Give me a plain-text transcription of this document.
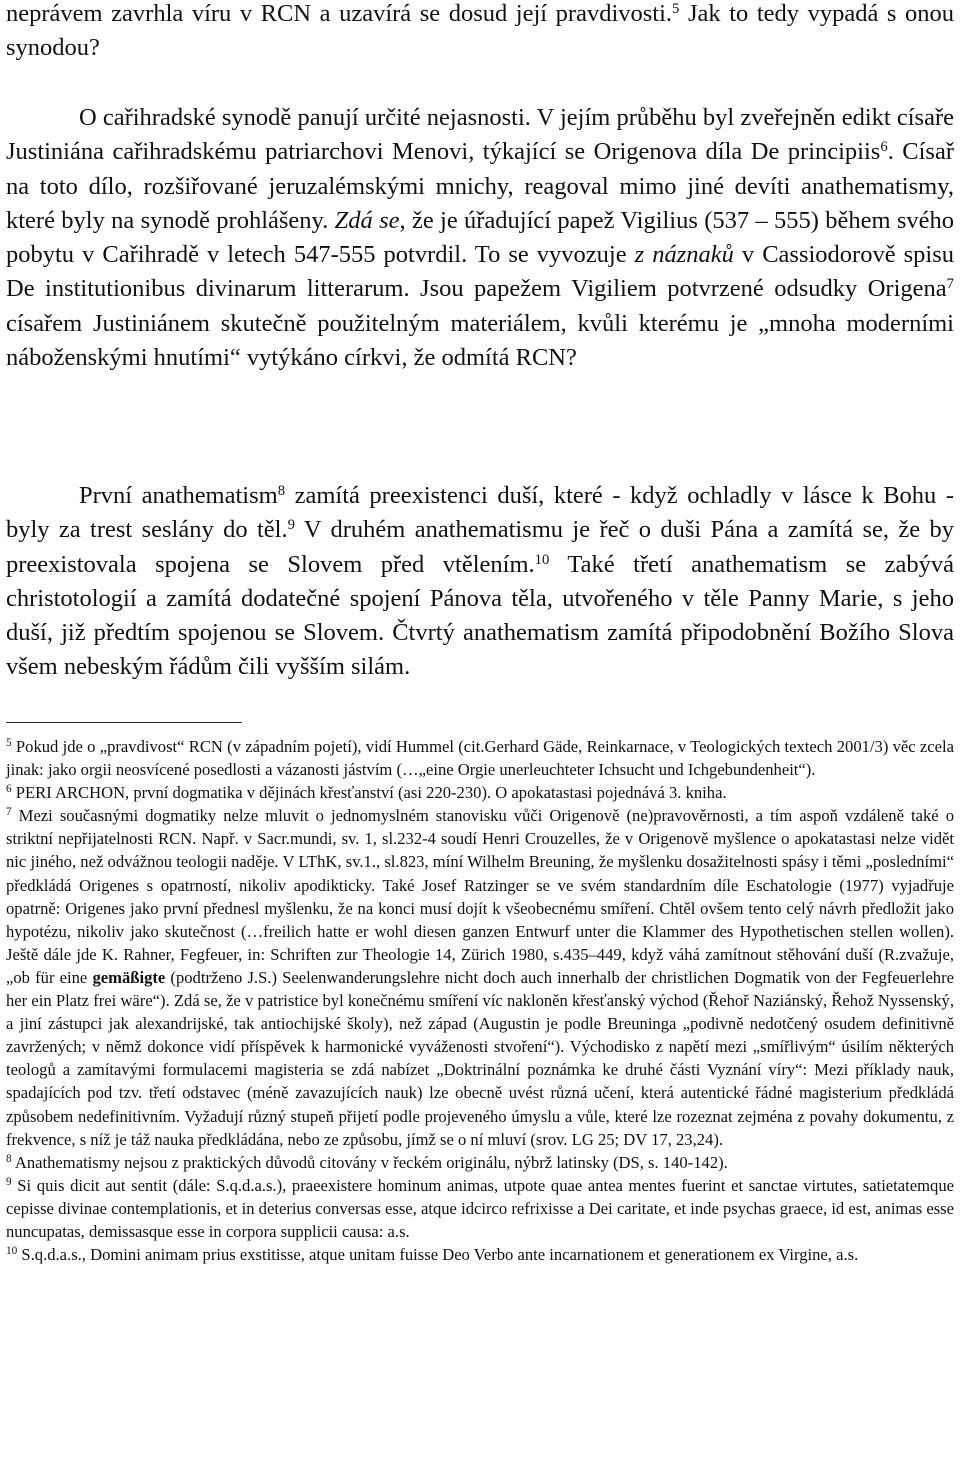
neprávem zavrhla víru v RCN a uzavírá se dosud její pravdivosti.$^5$ Jak to tedy vypadá s onou synodou?

O cařihradské synodě panují určité nejasnosti. V jejím průběhu byl zveřejněn edikt císaře Justiniána cařihradskému patriarchovi Menovi, týkající se Origenova díla De principiis$^6$. Císař na toto dílo, rozšiřované jeruzalémskými mnichy, reagoval mimo jiné devíti anathematismy, které byly na synodě prohlášeny. Zdá se, že je úřadující papež Vigilius (537 – 555) během svého pobytu v Cařihradě v letech 547-555 potvrdil. To se vyvozuje z náznaků v Cassiodorově spisu De institutionibus divinarum litterarum. Jsou papežem Vigiliem potvrzené odsudky Origena$^7$ císařem Justiniánem skutečně použitelným materiálem, kvůli kterému je „mnoha moderními náboženskými hnutími“ vytýkáno církvi, že odmítá RCN?

První anathematism$^8$ zamítá preexistenci duší, které - když ochladly v lásce k Bohu - byly za trest seslány do těl.$^9$ V druhém anathematismu je řeč o duši Pána a zamítá se, že by preexistovala spojena se Slovem před vtělením.$^{10}$ Také třetí anathematism se zabývá christotologií a zamítá dodatečné spojení Pánova těla, utvořeného v těle Panny Marie, s jeho duší, již předtím spojenou se Slovem. Čtvrtý anathematism zamítá připodobnění Božího Slova všem nebeským řádům čili vyšším silám.

$^5$ Pokud jde o „pravdivost“ RCN (v západním pojetí), vidí Hummel (cit.Gerhard Gäde, Reinkarnace, v Teologických textech 2001/3) věc zcela jinak: jako orgii neosvícené posedlosti a vázanosti jástvím (…„eine Orgie unerleuchteter Ichsucht und Ichgebundenheit“).

$^6$ PERI ARCHON, první dogmatika v dějinách křesťanství (asi 220-230). O apokatastasi pojednává 3. kniha.

$^7$ Mezi současnými dogmatiky nelze mluvit o jednomyslném stanovisku vůči Origenově (ne)pravověrnosti, a tím aspoň vzdáleně také o striktní nepřijatelnosti RCN. Např. v Sacr.mundi, sv. 1, sl.232-4 soudí Henri Crouzelles, že v Origenově myšlence o apokatastasi nelze vidět nic jiného, než odvážnou teologii naděje. V LThK, sv.1., sl.823, míní Wilhelm Breuning, že myšlenku dosažitelnosti spásy i těmi „posledními“ předkládá Origenes s opatrností, nikoliv apodikticky. Také Josef Ratzinger se ve svém standardním díle Eschatologie (1977) vyjadřuje opatrně: Origenes jako první přednesl myšlenku, že na konci musí dojít k všeobecnému smíření. Chtěl ovšem tento celý návrh předložit jako hypotézu, nikoliv jako skutečnost (…freilich hatte er wohl diesen ganzen Entwurf unter die Klammer des Hypothetischen stellen wollen). Ještě dále jde K. Rahner, Fegfeuer, in: Schriften zur Theologie 14, Zürich 1980, s.435–449, když váhá zamítnout stěhování duší (R.zvažuje, „ob für eine gemäßigte (podtrženo J.S.) Seelenwanderungslehre nicht doch auch innerhalb der christlichen Dogmatik von der Fegfeuerlehre her ein Platz frei wäre“). Zdá se, že v patristice byl konečnému smíření víc nakloněn křesťanský východ (Řehoř Naziánský, Řehož Nyssenský, a jiní zástupci jak alexandrijské, tak antiochijské školy), než západ (Augustin je podle Breuninga „podivně nedotčený osudem definitivně zavržených; v němž dokonce vidí příspěvek k harmonické vyváženosti stvoření“). Východisko z napětí mezi „smířlivým“ úsilím některých teologů a zamítavými formulacemi magisteria se zdá nabízet „Doktrinální poznámka ke druhé části Vyznání víry“: Mezi příklady nauk, spadajících pod tzv. třetí odstavec (méně zavazujících nauk) lze obecně uvést různá učení, která autentické řádné magisterium předkládá způsobem nedefinitivním. Vyžadují různý stupeň přijetí podle projeveného úmyslu a vůle, které lze rozeznat zejména z povahy dokumentu, z frekvence, s níž je táž nauka předkládána, nebo ze způsobu, jímž se o ní mluví (srov. LG 25; DV 17, 23,24).

$^8$ Anathematismy nejsou z praktických důvodů citovány v řeckém originálu, nýbrž latinsky (DS, s. 140-142).

$^9$ Si quis dicit aut sentit (dále: S.q.d.a.s.), praeexistere hominum animas, utpote quae antea mentes fuerint et sanctae virtutes, satietatemque cepisse divinae contemplationis, et in deterius conversas esse, atque idcirco refrixisse a Dei caritate, et inde psychas graece, id est, animas esse nuncupatas, demissasque esse in corpora supplicii causa: a.s.

$^{10}$ S.q.d.a.s., Domini animam prius exstitisse, atque unitam fuisse Deo Verbo ante incarnationem et generationem ex Virgine, a.s.
